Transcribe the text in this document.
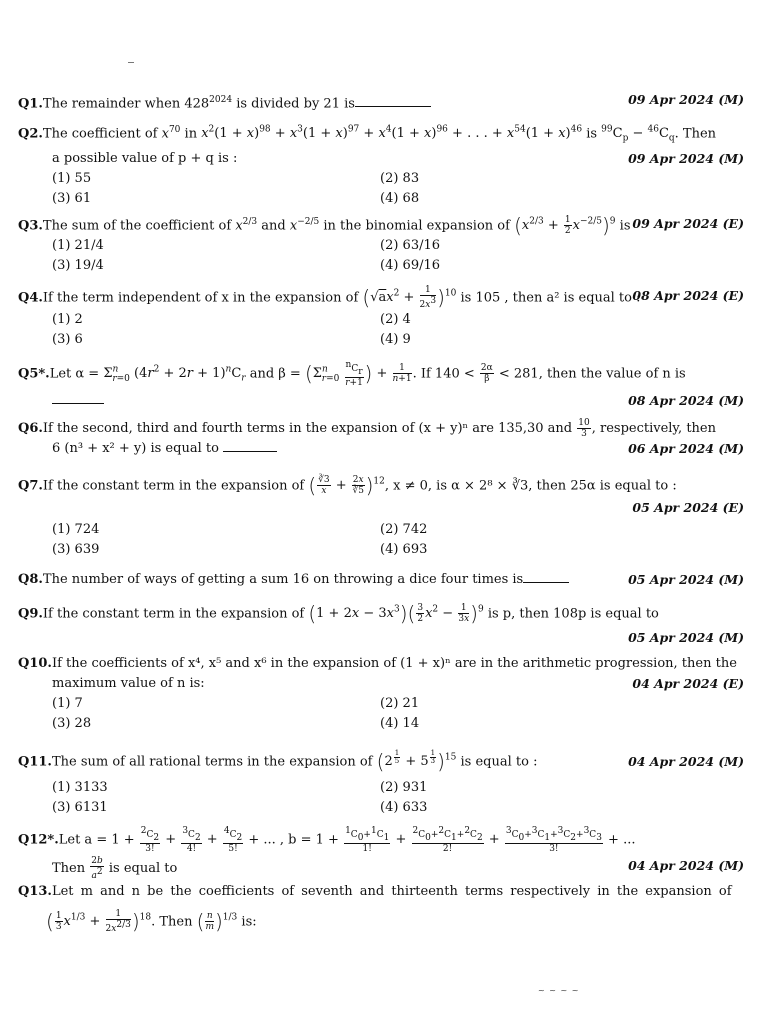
Q1.The remainder when $428^{2024}$ is divided by 21 is	09 Apr 2024 (M)
Q2.The coefficient of $x^{70}$ in $x^2(1 + x)^{98} + x^3(1 + x)^{97} + x^4(1 + x)^{96}$ + . . . + $x^{54}(1 + x)^{46}$ is $^{99}C_p - ^{46}C_q$. Then
a possible value of p + q is :	09 Apr 2024 (M)
(1) 55	(2) 83
(3) 61	(4) 68
Q3.The sum of the coefficient of $x^{2/3}$ and $x^{-2/5}$ in the binomial expansion of $(x^{2/3} + \frac{1}{2} x^{-2/5})^9$ is 09 Apr 2024 (E)
(1) 21/4	(2) 63/16
(3) 19/4	(4) 69/16
Q4.If the term independent of x in the expansion of $(√ax^2 + \frac{1}{2x^3} )^{10}$ is 105 , then a² is equal to :
08 Apr 2024 (E)
(1) 2	(2) 4
(3) 6	(4) 9
Q5*.Let $\alpha = \Sigma^n_{r=0}$ $(4r^2 + 2r + 1)^nC_r$ and $\beta = (\Sigma^n_{r=0} \frac{^nC_r}{r+1}$ ) + $\frac{1}{n+1}$ . If $140 < \frac{2\alpha}{\beta} < 281$, then the value of n is
08 Apr 2024 (M)
Q6.If the second, third and fourth terms in the expansion of (x + y)ⁿ are 135,30 and $\frac{10}{3}$ , respectively, then
6 (n³ + x² + y) is equal to	06 Apr 2024 (M)
Q7.If the constant term in the expansion of ( $\frac{∛3}{x} + \frac{2x}{∛5} )^{12}$, x ≠ 0, is α × 2⁸ × ∛3, then 25α is equal to :
05 Apr 2024 (E)
(1) 724	(2) 742
(3) 639	(4) 693
Q8.The number of ways of getting a sum 16 on throwing a dice four times is	05 Apr 2024 (M)
Q9.If the constant term in the expansion of $(1 + 2x - 3x^3)( \frac{3}{2} x^2 - \frac{1}{3x} )^9$ is p, then 108p is equal to
05 Apr 2024 (M)
Q10.If the coefficients of x⁴, x⁵ and x⁶ in the expansion of (1 + x)ⁿ are in the arithmetic progression, then the
maximum value of n is:	04 Apr 2024 (E)
(1) 7	(2) 21
(3) 28	(4) 14
Q11.The sum of all rational terms in the expansion of (2 $^{\frac{1}{5}}$ + 5 $^{\frac{1}{3}}$ )$^{15}$ is equal to :	04 Apr 2024 (M)
(1) 3133	(2) 931
(3) 6131	(4) 633
Q12*.Let $a = 1 + \frac{^2C_2}{3!} + \frac{^3C_2}{4!} + \frac{^4C_2}{5!}$ + ... , $b = 1 + \frac{^1C_0+^1C_1}{1!} + \frac{^2C_0+^2C_1+^2C_2}{2!} + \frac{^3C_0+^3C_1+^3C_2+^3C_3}{3!}$ + ...
Then $\frac{2b}{a^2}$ is equal to	04 Apr 2024 (M)
Q13.Let m and n be the coefficients of seventh and thirteenth terms respectively in the expansion of
( $\frac{1}{3} x^{1/3} + \frac{1}{2x^{2/3}} )^{18}$. Then ( $\frac{n}{m} )^{1/3}$ is:
~ ~ ~ ~
